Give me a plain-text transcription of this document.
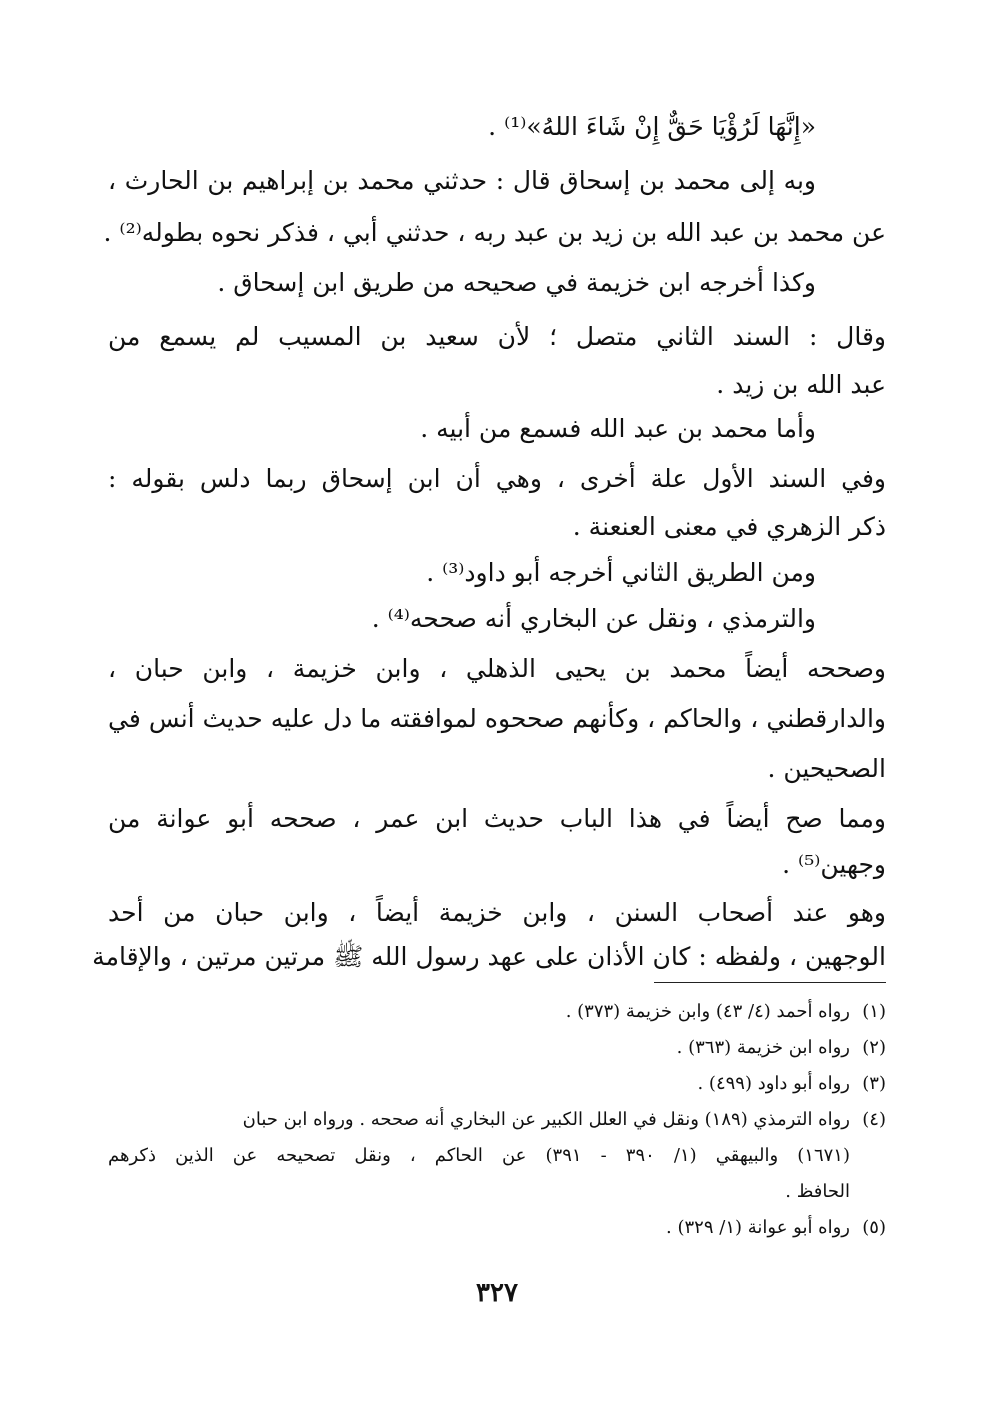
«إِنَّهَا لَرُؤْيَا حَقٌّ إِنْ شَاءَ اللهُ»⁽¹⁾ .
وبه إلى محمد بن إسحاق قال : حدثني محمد بن إبراهيم بن الحارث ،
عن محمد بن عبد الله بن زيد بن عبد ربه ، حدثني أبي ، فذكر نحوه بطوله⁽²⁾ .
وكذا أخرجه ابن خزيمة في صحيحه من طريق ابن إسحاق .
وقال : السند الثاني متصل ؛ لأن سعيد بن المسيب لم يسمع من
عبد الله بن زيد .
وأما محمد بن عبد الله فسمع من أبيه .
وفي السند الأول علة أخرى ، وهي أن ابن إسحاق ربما دلس بقوله :
ذكر الزهري في معنى العنعنة .
ومن الطريق الثاني أخرجه أبو داود⁽³⁾ .
والترمذي ، ونقل عن البخاري أنه صححه⁽⁴⁾ .
وصححه أيضاً محمد بن يحيى الذهلي ، وابن خزيمة ، وابن حبان ،
والدارقطني ، والحاكم ، وكأنهم صححوه لموافقته ما دل عليه حديث أنس في
الصحيحين .
ومما صح أيضاً في هذا الباب حديث ابن عمر ، صححه أبو عوانة من
وجهين⁽⁵⁾ .
وهو عند أصحاب السنن ، وابن خزيمة أيضاً ، وابن حبان من أحد
الوجهين ، ولفظه : كان الأذان على عهد رسول الله ﷺ مرتين مرتين ، والإقامة
(١)رواه أحمد (٤/ ٤٣) وابن خزيمة (٣٧٣) .
(٢)رواه ابن خزيمة (٣٦٣) .
(٣)رواه أبو داود (٤٩٩) .
(٤)رواه الترمذي (١٨٩) ونقل في العلل الكبير عن البخاري أنه صححه . ورواه ابن حبان
(١٦٧١) والبيهقي (١/ ٣٩٠ - ٣٩١) عن الحاكم ، ونقل تصحيحه عن الذين ذكرهم
الحافظ .
(٥)رواه أبو عوانة (١/ ٣٢٩) .
٣٢٧
